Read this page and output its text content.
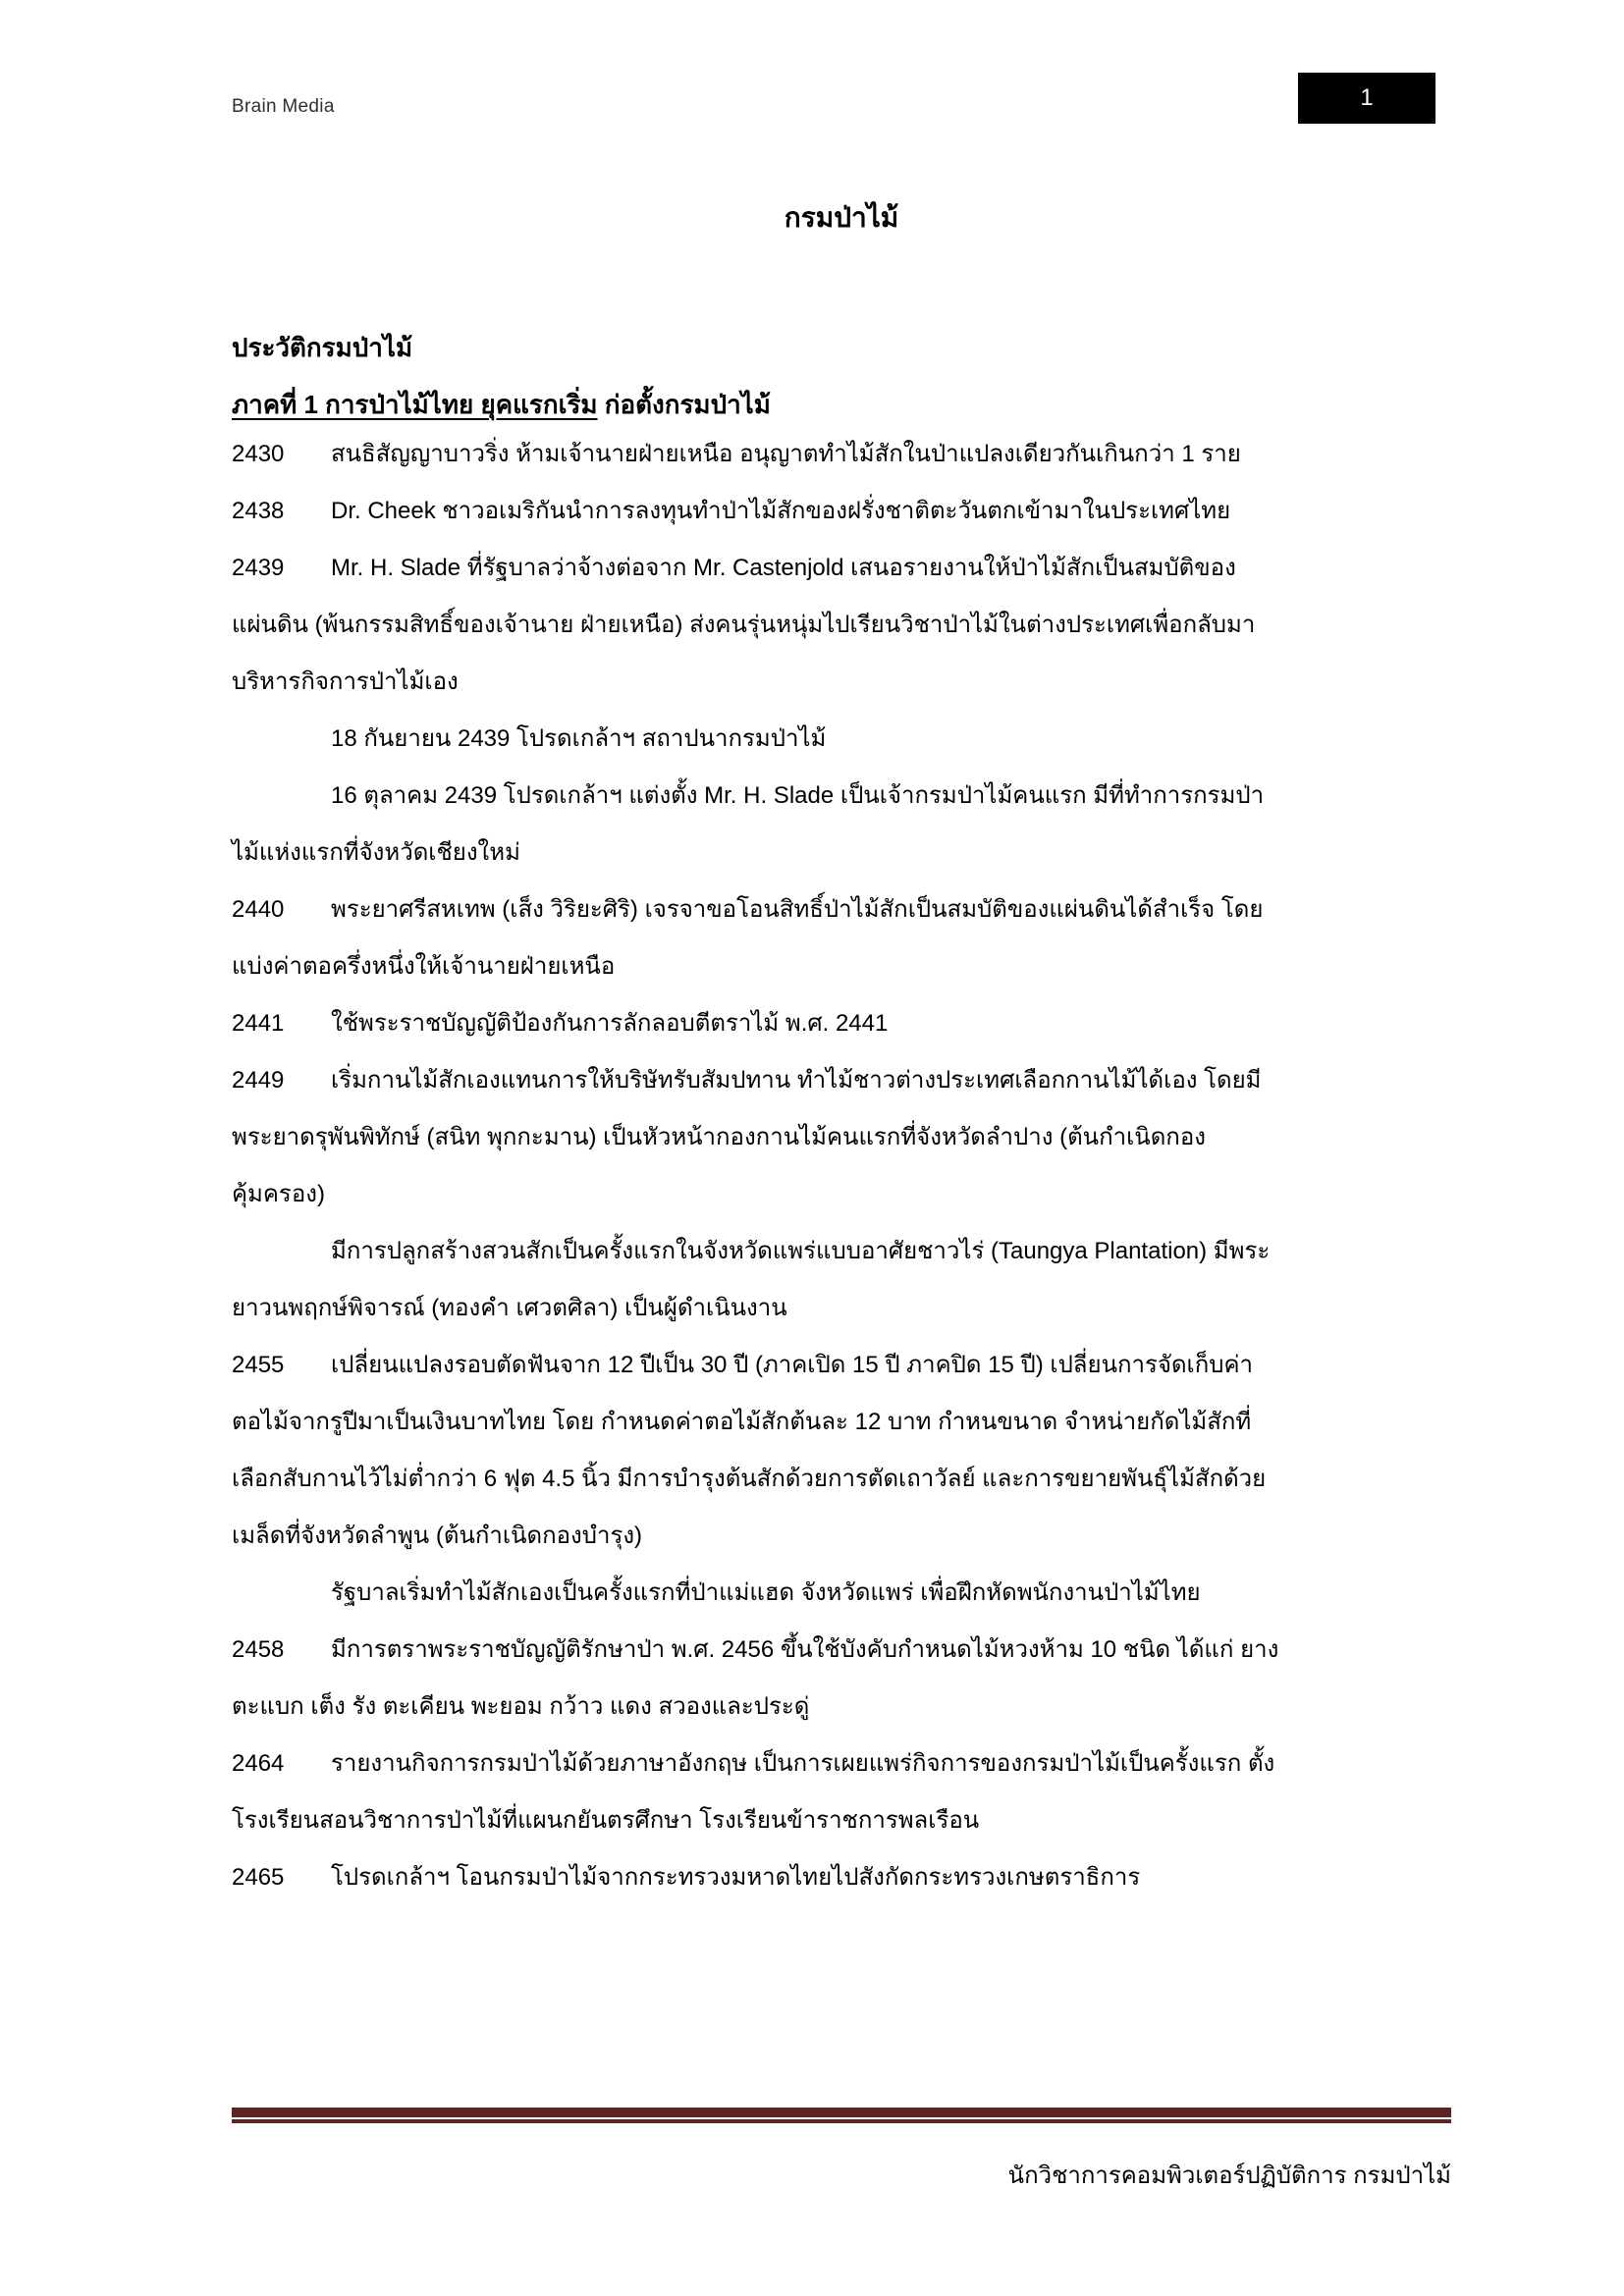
Brain Media	1
กรมป่าไม้
ประวัติกรมป่าไม้
ภาคที่ 1 การป่าไม้ไทย ยุคแรกเริ่ม ก่อตั้งกรมป่าไม้
2430 สนธิสัญญาบาวริ่ง ห้ามเจ้านายฝ่ายเหนือ อนุญาตทำไม้สักในป่าแปลงเดียวกันเกินกว่า 1 ราย
2438 Dr. Cheek ชาวอเมริกันนำการลงทุนทำป่าไม้สักของฝรั่งชาติตะวันตกเข้ามาในประเทศไทย
2439 Mr. H. Slade ที่รัฐบาลว่าจ้างต่อจาก Mr. Castenjold เสนอรายงานให้ป่าไม้สักเป็นสมบัติของ
แผ่นดิน (พ้นกรรมสิทธิ์ของเจ้านาย ฝ่ายเหนือ) ส่งคนรุ่นหนุ่มไปเรียนวิชาป่าไม้ในต่างประเทศเพื่อกลับมา
บริหารกิจการป่าไม้เอง
18 กันยายน 2439 โปรดเกล้าฯ สถาปนากรมป่าไม้
16 ตุลาคม 2439 โปรดเกล้าฯ แต่งตั้ง Mr. H. Slade เป็นเจ้ากรมป่าไม้คนแรก มีที่ทำการกรมป่า
ไม้แห่งแรกที่จังหวัดเชียงใหม่
2440 พระยาศรีสหเทพ (เส็ง วิริยะศิริ) เจรจาขอโอนสิทธิ์ป่าไม้สักเป็นสมบัติของแผ่นดินได้สำเร็จ โดย
แบ่งค่าตอครึ่งหนึ่งให้เจ้านายฝ่ายเหนือ
2441 ใช้พระราชบัญญัติป้องกันการลักลอบตีตราไม้ พ.ศ. 2441
2449 เริ่มกานไม้สักเองแทนการให้บริษัทรับสัมปทาน ทำไม้ชาวต่างประเทศเลือกกานไม้ได้เอง โดยมี
พระยาดรุพันพิทักษ์ (สนิท พุกกะมาน) เป็นหัวหน้ากองกานไม้คนแรกที่จังหวัดลำปาง (ต้นกำเนิดกอง
คุ้มครอง)
มีการปลูกสร้างสวนสักเป็นครั้งแรกในจังหวัดแพร่แบบอาศัยชาวไร่ (Taungya Plantation) มีพระ
ยาวนพฤกษ์พิจารณ์ (ทองคำ เศวตศิลา) เป็นผู้ดำเนินงาน
2455 เปลี่ยนแปลงรอบตัดฟันจาก 12 ปีเป็น 30 ปี (ภาคเปิด 15 ปี ภาคปิด 15 ปี) เปลี่ยนการจัดเก็บค่า
ตอไม้จากรูปีมาเป็นเงินบาทไทย โดย กำหนดค่าตอไม้สักต้นละ 12 บาท กำหนขนาด จำหน่ายกัดไม้สักที่
เลือกสับกานไว้ไม่ต่ำกว่า 6 ฟุต 4.5 นิ้ว มีการบำรุงต้นสักด้วยการตัดเถาวัลย์ และการขยายพันธุ์ไม้สักด้วย
เมล็ดที่จังหวัดลำพูน (ต้นกำเนิดกองบำรุง)
รัฐบาลเริ่มทำไม้สักเองเป็นครั้งแรกที่ป่าแม่แฮด จังหวัดแพร่ เพื่อฝึกหัดพนักงานป่าไม้ไทย
2458 มีการตราพระราชบัญญัติรักษาป่า พ.ศ. 2456 ขึ้นใช้บังคับกำหนดไม้หวงห้าม 10 ชนิด ได้แก่ ยาง
ตะแบก เต็ง รัง ตะเคียน พะยอม กว้าว แดง สวองและประดู่
2464 รายงานกิจการกรมป่าไม้ด้วยภาษาอังกฤษ เป็นการเผยแพร่กิจการของกรมป่าไม้เป็นครั้งแรก ตั้ง
โรงเรียนสอนวิชาการป่าไม้ที่แผนกยันตรศึกษา โรงเรียนข้าราชการพลเรือน
2465 โปรดเกล้าฯ โอนกรมป่าไม้จากกระทรวงมหาดไทยไปสังกัดกระทรวงเกษตราธิการ
นักวิชาการคอมพิวเตอร์ปฏิบัติการ กรมป่าไม้
